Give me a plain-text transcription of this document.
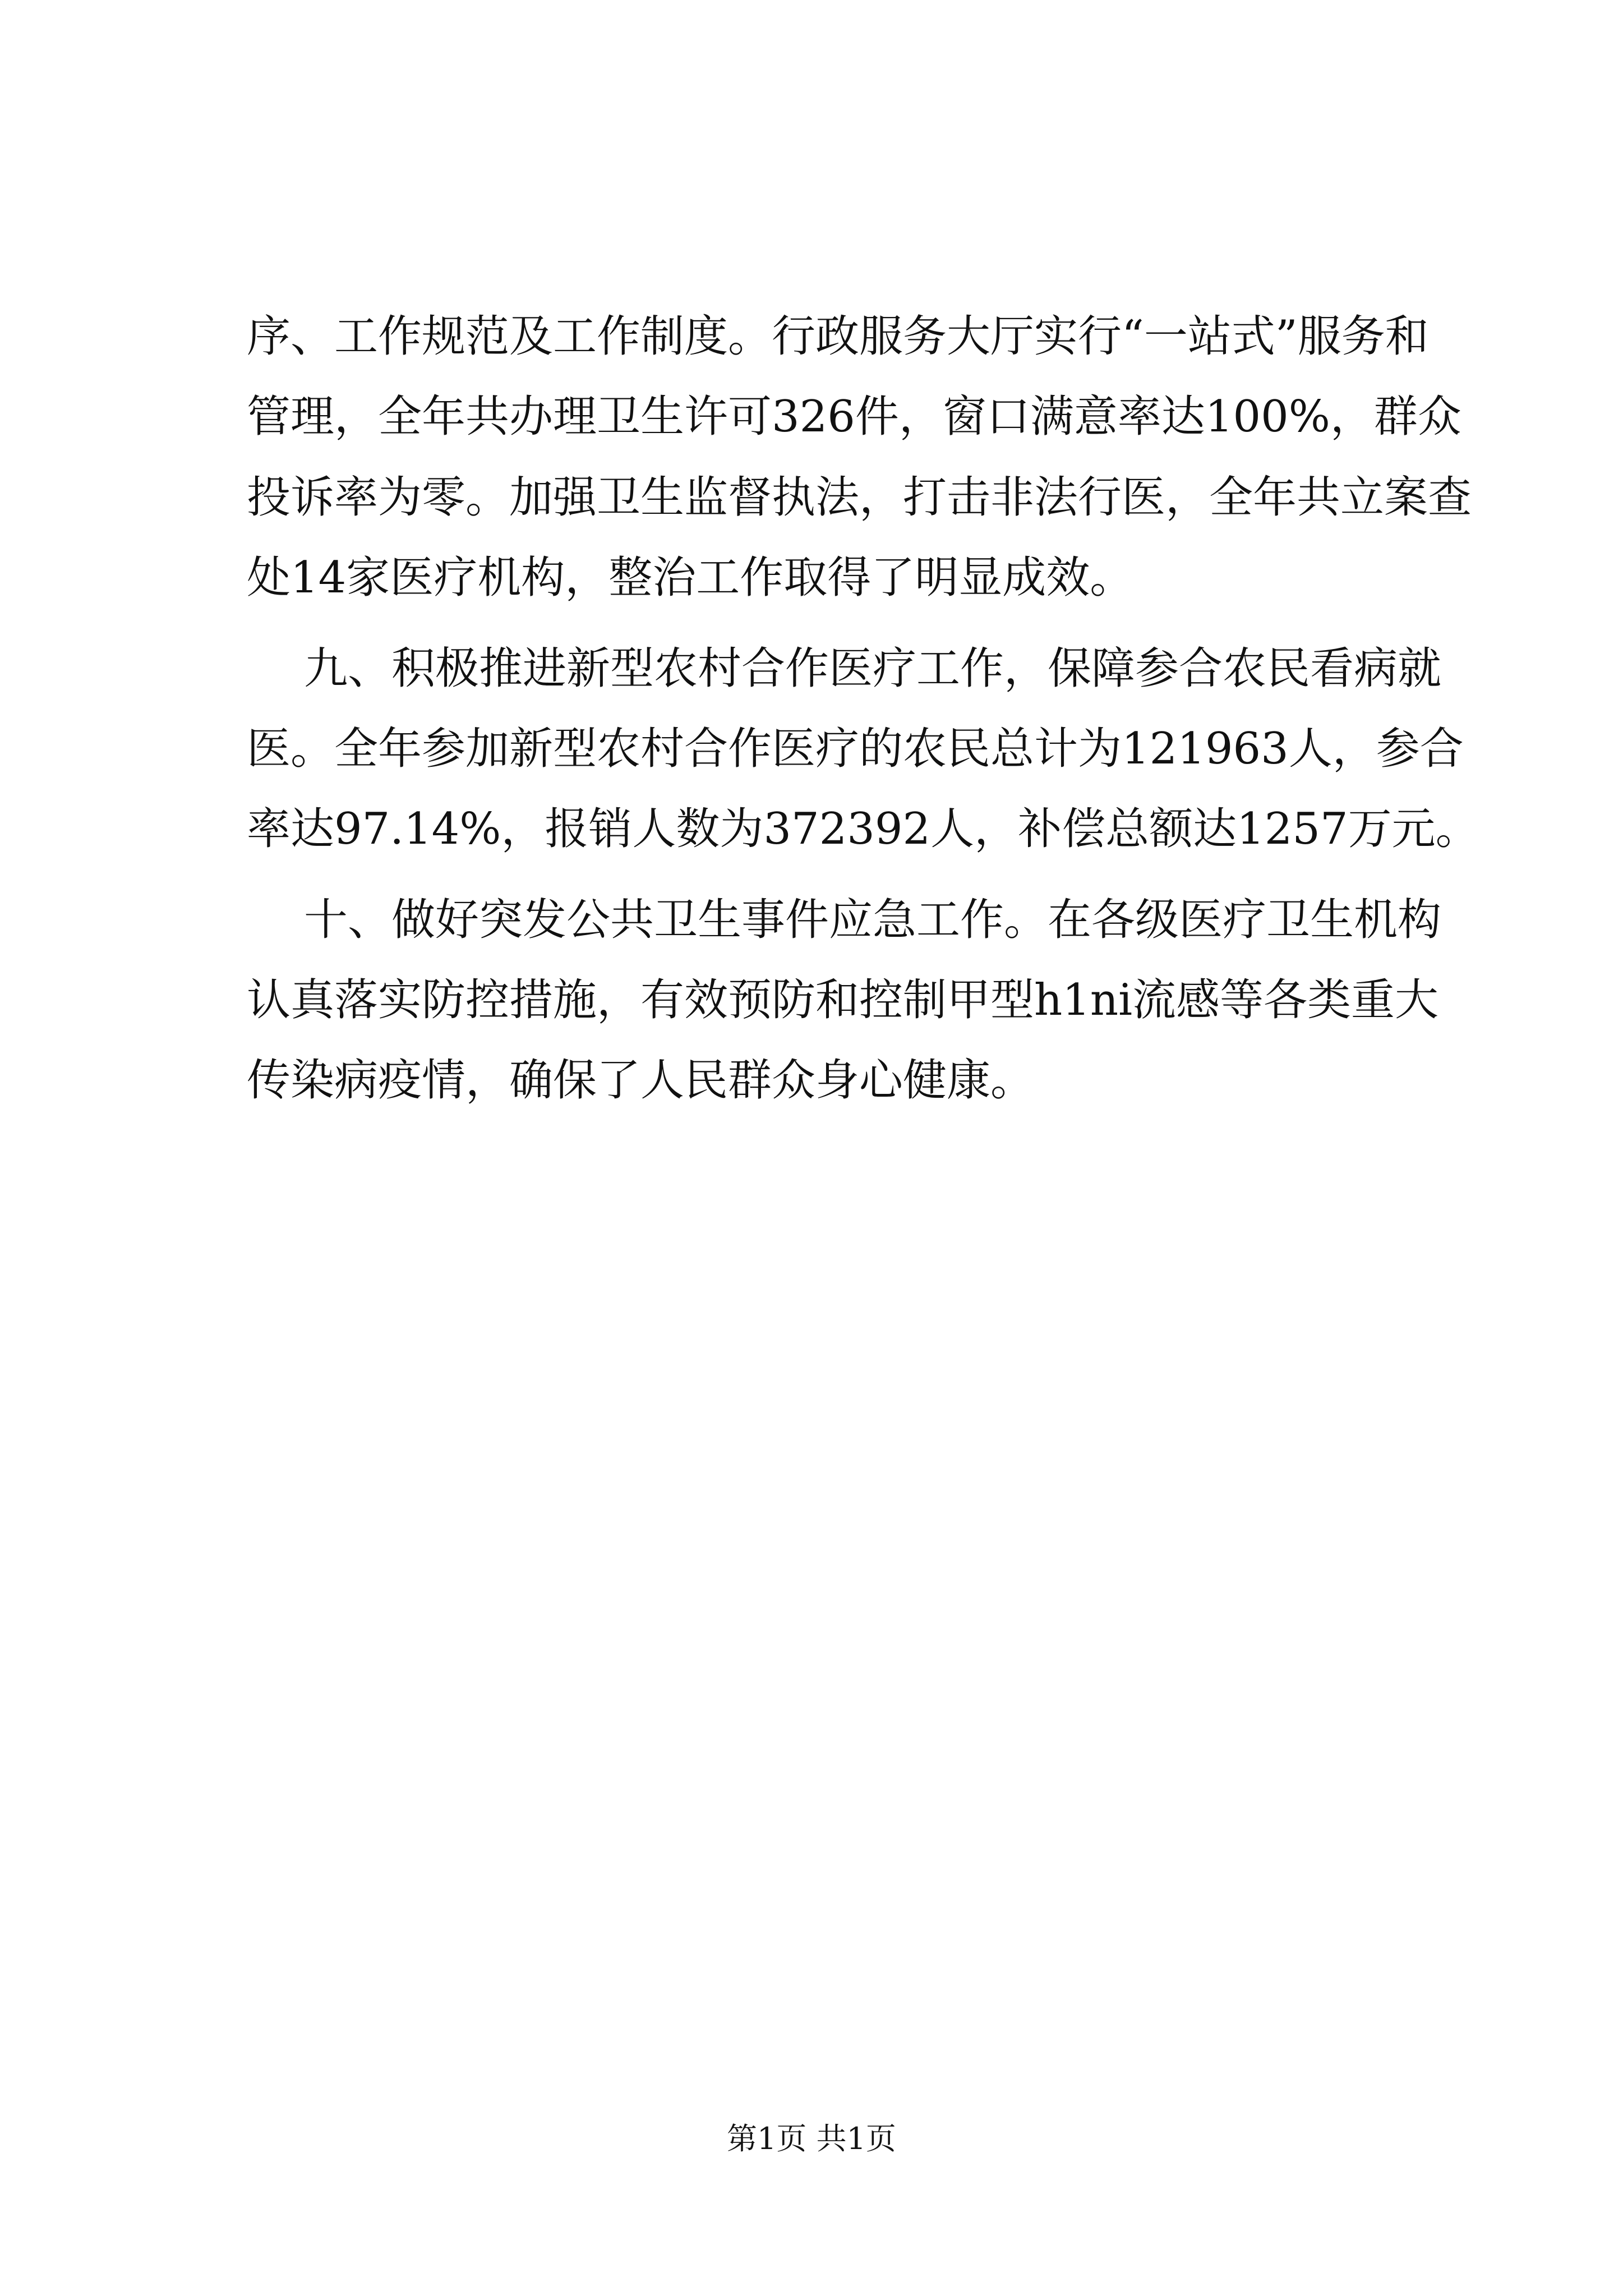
序、工作规范及工作制度。行政服务大厅实行“一站式”服务和
管理，全年共办理卫生许可326件，窗口满意率达100%，群众
投诉率为零。加强卫生监督执法，打击非法行医，全年共立案查
处14家医疗机构，整治工作取得了明显成效。
九、积极推进新型农村合作医疗工作，保障参合农民看病就
医。全年参加新型农村合作医疗的农民总计为121963人，参合
率达97.14%，报销人数为372392人，补偿总额达1257万元。
十、做好突发公共卫生事件应急工作。在各级医疗卫生机构
认真落实防控措施，有效预防和控制甲型h1ni流感等各类重大
传染病疫情，确保了人民群众身心健康。
第1页 共1页
